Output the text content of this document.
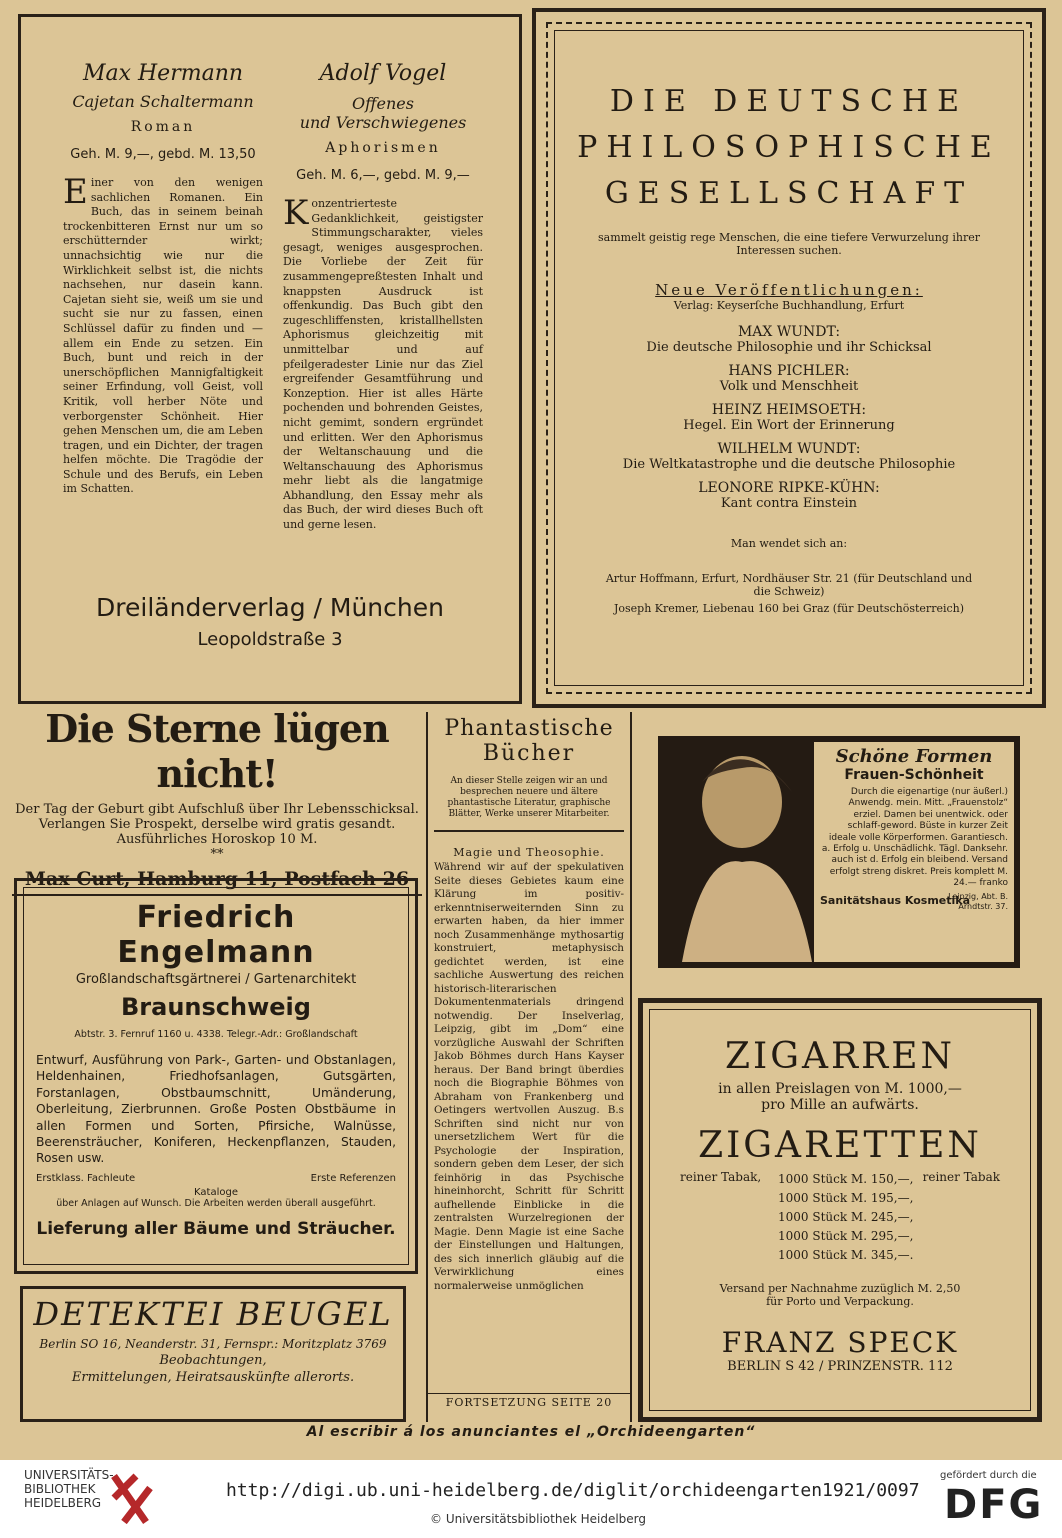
Max Hermann
Cajetan Schaltermann
Roman
Geh. M. 9,—, gebd. M. 13,50
Einer von den wenigen sachlichen Romanen. Ein Buch, das in seinem beinah trockenbitteren Ernst nur um so erschütternder wirkt; unnachsichtig wie nur die Wirklichkeit selbst ist, die nichts nachsehen, nur dasein kann. Cajetan sieht sie, weiß um sie und sucht sie nur zu fassen, einen Schlüssel dafür zu finden und — allem ein Ende zu setzen. Ein Buch, bunt und reich in der unerschöpflichen Mannigfaltigkeit seiner Erfindung, voll Geist, voll Kritik, voll herber Nöte und verborgenster Schönheit. Hier gehen Menschen um, die am Leben tragen, und ein Dichter, der tragen helfen möchte. Die Tragödie der Schule und des Berufs, ein Leben im Schatten.
Adolf Vogel
Offenes
und Verschwiegenes
Aphorismen
Geh. M. 6,—, gebd. M. 9,—
Konzentrierteste Gedanklichkeit, geistigster Stimmungscharakter, vieles gesagt, weniges ausgesprochen. Die Vorliebe der Zeit für zusammengepreßtesten Inhalt und knappsten Ausdruck ist offenkundig. Das Buch gibt den zugeschliffensten, kristallhellsten Aphorismus gleichzeitig mit unmittelbar und auf pfeilgeradester Linie nur das Ziel ergreifender Gesamtführung und Konzeption. Hier ist alles Härte pochenden und bohrenden Geistes, nicht gemimt, sondern ergründet und erlitten. Wer den Aphorismus der Weltanschauung und die Weltanschauung des Aphorismus mehr liebt als die langatmige Abhandlung, den Essay mehr als das Buch, der wird dieses Buch oft und gerne lesen.
Dreiländerverlag / München
Leopoldstraße 3
DIE DEUTSCHE
PHILOSOPHISCHE
GESELLSCHAFT
sammelt geistig rege Menschen, die eine tiefere Verwurzelung ihrer Interessen suchen.
Neue Veröffentlichungen:
Verlag: Keyserſche Buchhandlung, Erfurt
MAX WUNDT:
Die deutsche Philosophie und ihr Schicksal
HANS PICHLER:
Volk und Menschheit
HEINZ HEIMSOETH:
Hegel. Ein Wort der Erinnerung
WILHELM WUNDT:
Die Weltkatastrophe und die deutsche Philosophie
LEONORE RIPKE-KÜHN:
Kant contra Einstein
Man wendet sich an:
Artur Hoffmann, Erfurt, Nordhäuser Str. 21 (für Deutschland und die Schweiz)
Joseph Kremer, Liebenau 160 bei Graz (für Deutschösterreich)
Die Sterne lügen nicht!
Der Tag der Geburt gibt Aufschluß über Ihr Lebensschicksal.
Verlangen Sie Prospekt, derselbe wird gratis gesandt.
Ausführliches Horoskop 10 M.
**
Max Curt, Hamburg 11, Postfach 26
Phantastische
Bücher
An dieser Stelle zeigen wir an und besprechen neuere und ältere phantastische Literatur, graphische Blätter, Werke unserer Mitarbeiter.
Magie und Theosophie.
Während wir auf der spekulativen Seite dieses Gebietes kaum eine Klärung im positiv-erkenntniserweiternden Sinn zu erwarten haben, da hier immer noch Zusammenhänge mythosartig konstruiert, metaphysisch gedichtet werden, ist eine sachliche Auswertung des reichen historisch-literarischen Dokumentenmaterials dringend notwendig. Der Inselverlag, Leipzig, gibt im „Dom“ eine vorzügliche Auswahl der Schriften Jakob Böhmes durch Hans Kayser heraus. Der Band bringt überdies noch die Biographie Böhmes von Abraham von Frankenberg und Oetingers wertvollen Auszug. B.s Schriften sind nicht nur von unersetzlichem Wert für die Psychologie der Inspiration, sondern geben dem Leser, der sich feinhörig in das Psychische hineinhorcht, Schritt für Schritt aufhellende Einblicke in die zentralsten Wurzelregionen der Magie. Denn Magie ist eine Sache der Einstellungen und Haltungen, des sich innerlich gläubig auf die Verwirklichung eines normalerweise unmöglichen
FORTSETZUNG SEITE 20
Friedrich Engelmann
Großlandschaftsgärtnerei / Gartenarchitekt
Braunschweig
Abtstr. 3. Fernruf 1160 u. 4338. Telegr.-Adr.: Großlandschaft
Entwurf, Ausführung von Park-, Garten- und Obstanlagen, Heldenhainen, Friedhofsanlagen, Gutsgärten, Forstanlagen, Obstbaumschnitt, Umänderung, Oberleitung, Zierbrunnen. Große Posten Obstbäume in allen Formen und Sorten, Pfirsiche, Walnüsse, Beerensträucher, Koniferen, Heckenpflanzen, Stauden, Rosen usw.
Erstklass. Fachleute	Erste Referenzen
Kataloge
über Anlagen auf Wunsch. Die Arbeiten werden überall ausgeführt.
Lieferung aller Bäume und Sträucher.
DETEKTEI BEUGEL
Berlin SO 16, Neanderstr. 31, Fernspr.: Moritzplatz 3769
Beobachtungen,
Ermittelungen, Heiratsauskünfte allerorts.
Schöne Formen
Frauen-Schönheit
Durch die eigenartige (nur äußerl.) Anwendg. mein. Mitt. „Frauenstolz“ erziel. Damen bei unentwick. oder schlaff-geword. Büste in kurzer Zeit ideale volle Körperformen. Garantiesch. a. Erfolg u. Unschädlichk. Tägl. Danksehr. auch ist d. Erfolg ein bleibend. Versand erfolgt streng diskret. Preis komplett M. 24.— franko
Sanitätshaus Kosmetika
Leipzig, Abt. B. Arndtstr. 37.
ZIGARREN
in allen Preislagen von M. 1000,—
pro Mille an aufwärts.
ZIGARETTEN
reiner Tabak,	reiner Tabak
1000 Stück M. 150,—,
1000 Stück M. 195,—,
1000 Stück M. 245,—,
1000 Stück M. 295,—,
1000 Stück M. 345,—.
Versand per Nachnahme zuzüglich M. 2,50
für Porto und Verpackung.
FRANZ SPECK
BERLIN S 42 / PRINZENSTR. 112
Al escribir á los anunciantes el „Orchideengarten“
UNIVERSITÄTS-
BIBLIOTHEK
HEIDELBERG
http://digi.ub.uni-heidelberg.de/diglit/orchideengarten1921/0097
© Universitätsbibliothek Heidelberg
gefördert durch die
DFG
